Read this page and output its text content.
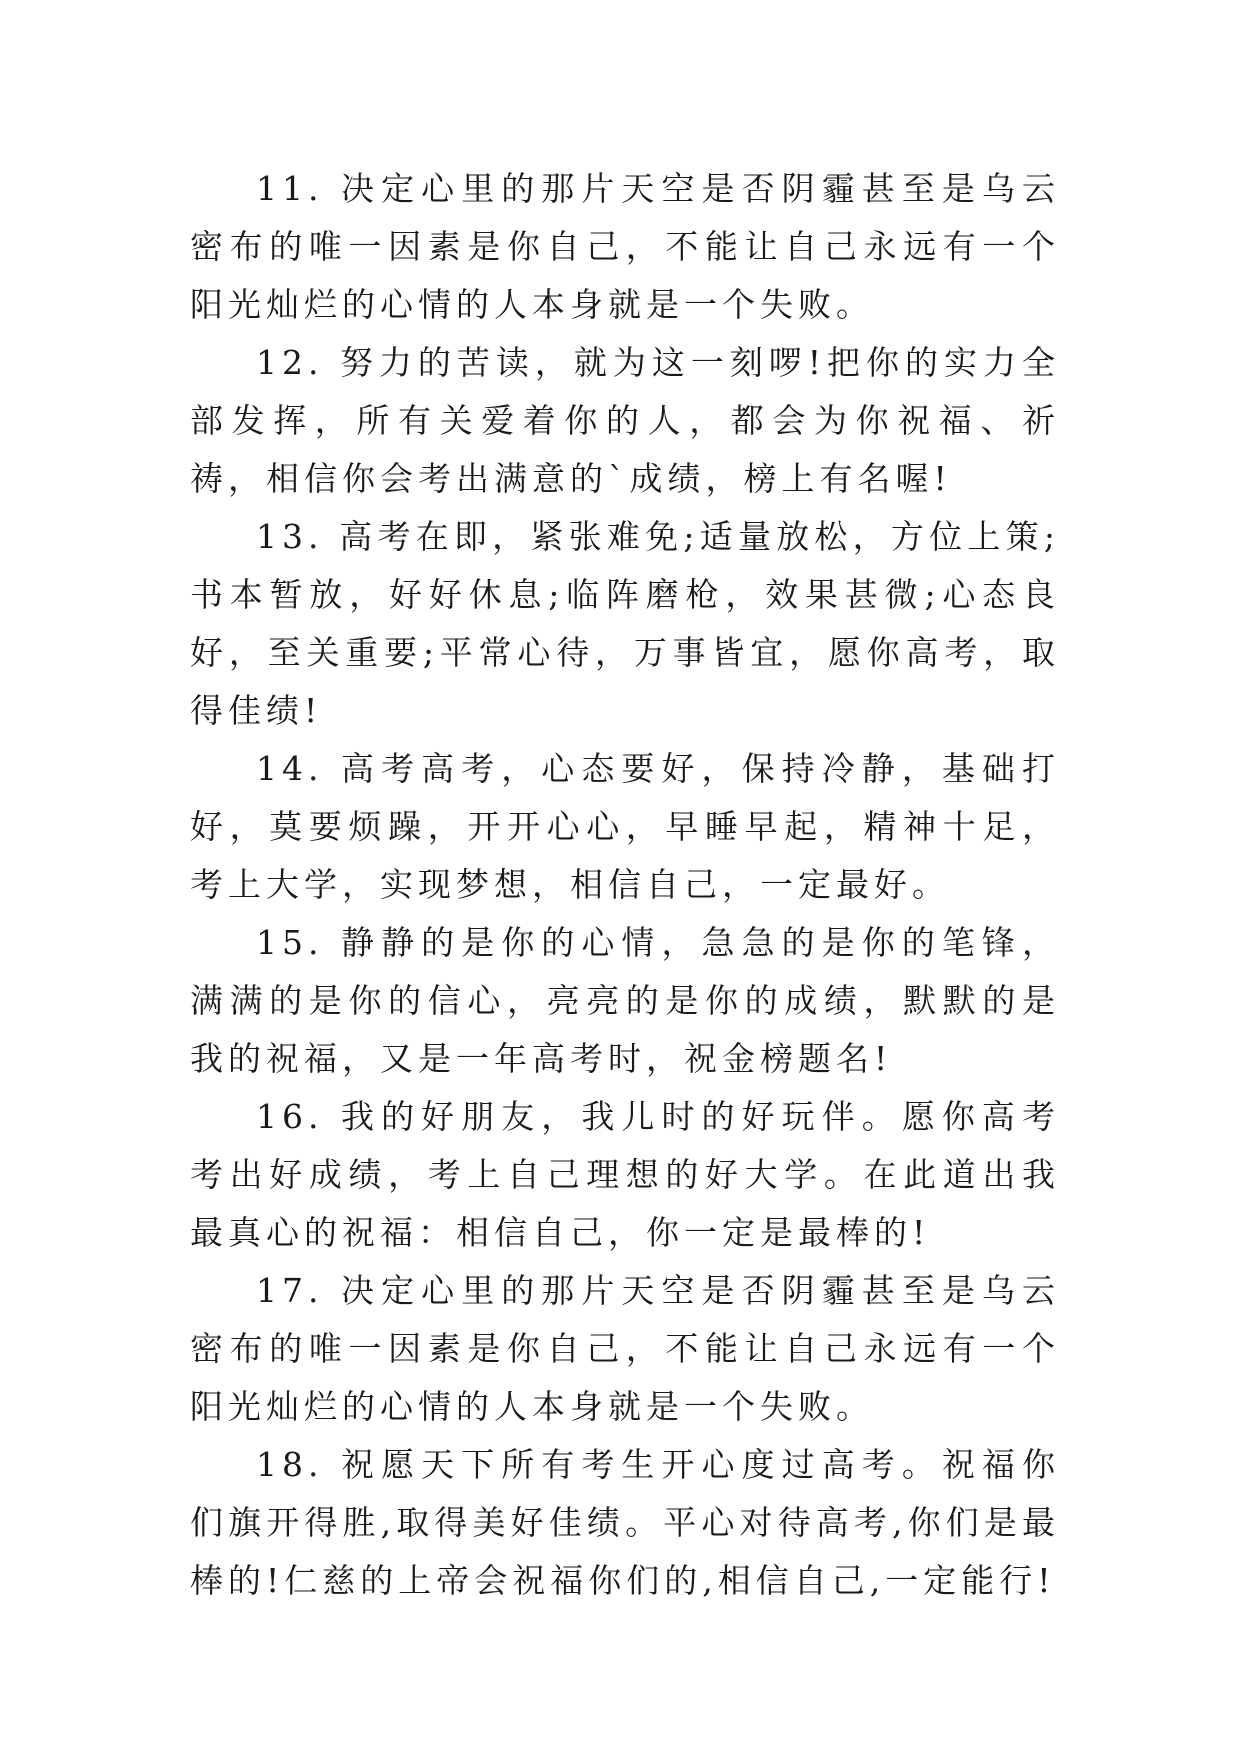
11. 决定心里的那片天空是否阴霾甚至是乌云密布的唯一因素是你自己，不能让自己永远有一个阳光灿烂的心情的人本身就是一个失败。

12. 努力的苦读，就为这一刻啰!把你的实力全部发挥，所有关爱着你的人，都会为你祝福、祈祷，相信你会考出满意的`成绩，榜上有名喔!

13. 高考在即，紧张难免;适量放松，方位上策;书本暂放，好好休息;临阵磨枪，效果甚微;心态良好，至关重要;平常心待，万事皆宜，愿你高考，取得佳绩!

14. 高考高考，心态要好，保持冷静，基础打好，莫要烦躁，开开心心，早睡早起，精神十足，考上大学，实现梦想，相信自己，一定最好。

15. 静静的是你的心情，急急的是你的笔锋，满满的是你的信心，亮亮的是你的成绩，默默的是我的祝福，又是一年高考时，祝金榜题名!

16. 我的好朋友，我儿时的好玩伴。愿你高考考出好成绩，考上自己理想的好大学。在此道出我最真心的祝福：相信自己，你一定是最棒的!

17. 决定心里的那片天空是否阴霾甚至是乌云密布的唯一因素是你自己，不能让自己永远有一个阳光灿烂的心情的人本身就是一个失败。

18. 祝愿天下所有考生开心度过高考。祝福你们旗开得胜,取得美好佳绩。平心对待高考,你们是最棒的!仁慈的上帝会祝福你们的,相信自己,一定能行!
